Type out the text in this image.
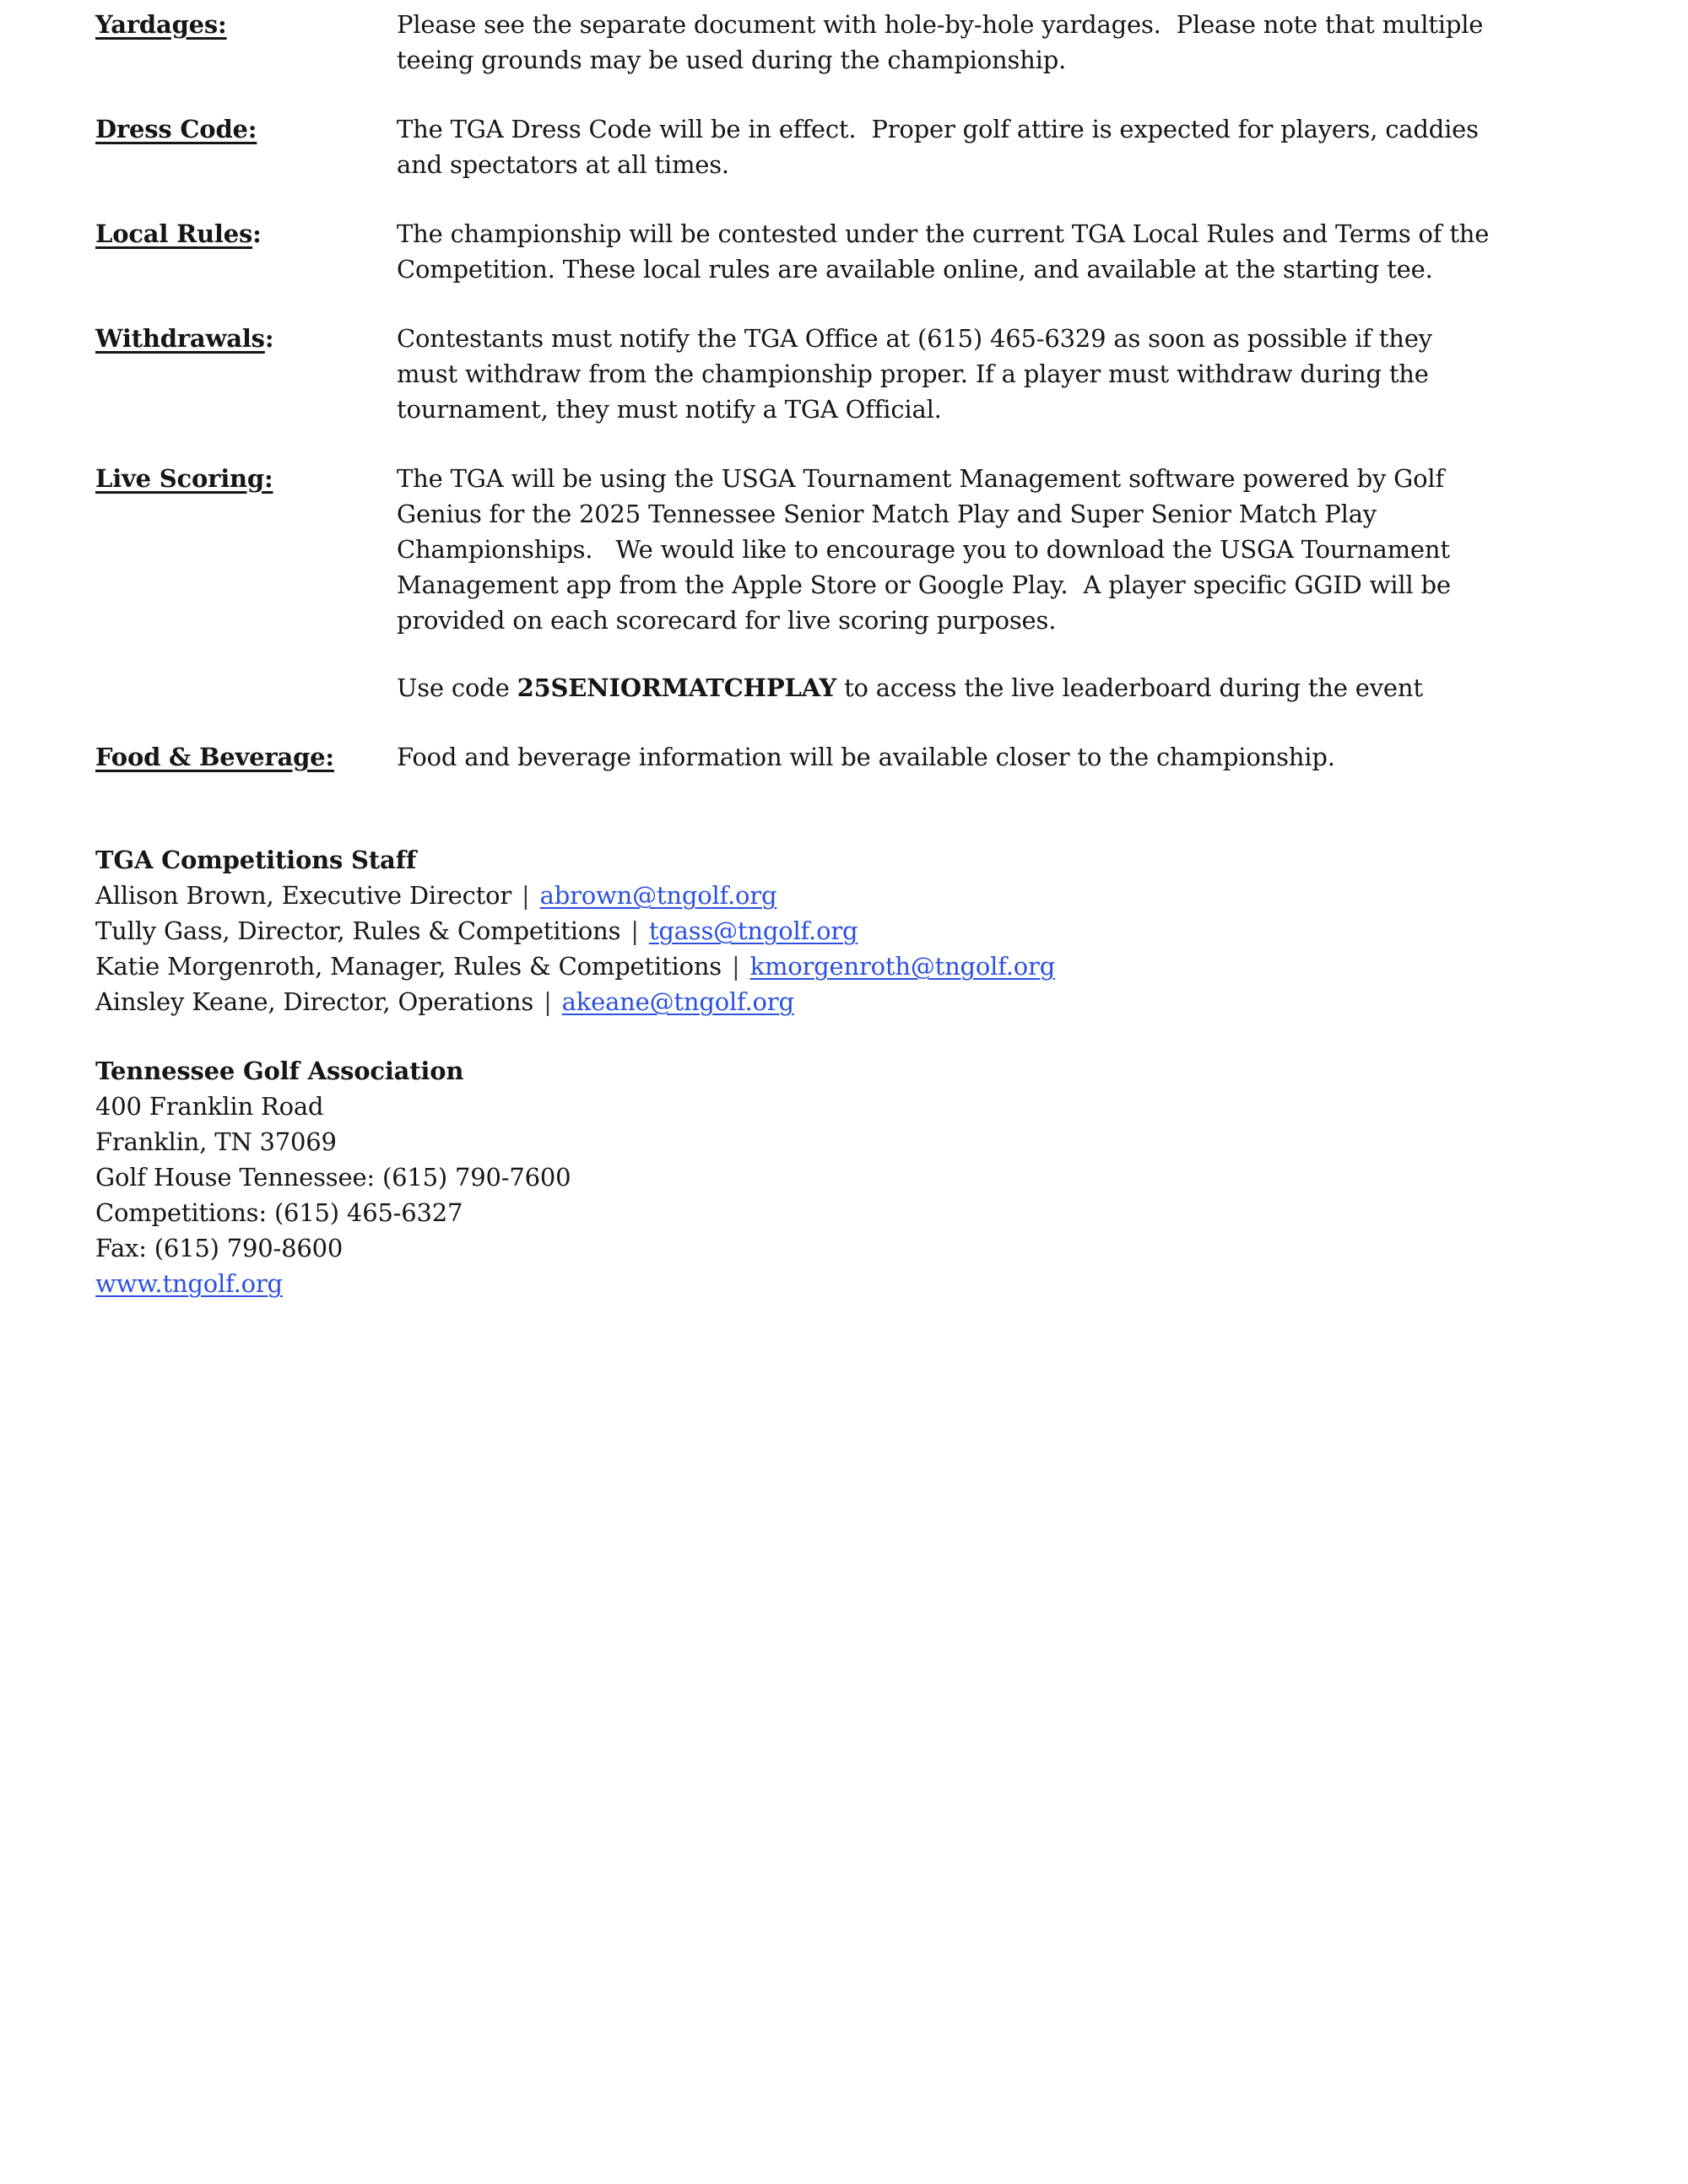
Yardages:	Please see the separate document with hole-by-hole yardages.  Please note that multiple
teeing grounds may be used during the championship.
Dress Code:	The TGA Dress Code will be in effect.  Proper golf attire is expected for players, caddies
and spectators at all times.
Local Rules:	The championship will be contested under the current TGA Local Rules and Terms of the
Competition. These local rules are available online, and available at the starting tee.
Withdrawals:	Contestants must notify the TGA Office at (615) 465-6329 as soon as possible if they
must withdraw from the championship proper. If a player must withdraw during the
tournament, they must notify a TGA Official.
Live Scoring:	The TGA will be using the USGA Tournament Management software powered by Golf
Genius for the 2025 Tennessee Senior Match Play and Super Senior Match Play
Championships.   We would like to encourage you to download the USGA Tournament
Management app from the Apple Store or Google Play.  A player specific GGID will be
provided on each scorecard for live scoring purposes.
Use code 25SENIORMATCHPLAY to access the live leaderboard during the event
Food & Beverage:	Food and beverage information will be available closer to the championship.
TGA Competitions Staff
Allison Brown, Executive Director | abrown@tngolf.org
Tully Gass, Director, Rules & Competitions | tgass@tngolf.org
Katie Morgenroth, Manager, Rules & Competitions | kmorgenroth@tngolf.org
Ainsley Keane, Director, Operations | akeane@tngolf.org
Tennessee Golf Association
400 Franklin Road
Franklin, TN 37069
Golf House Tennessee: (615) 790-7600
Competitions: (615) 465-6327
Fax: (615) 790-8600
www.tngolf.org
